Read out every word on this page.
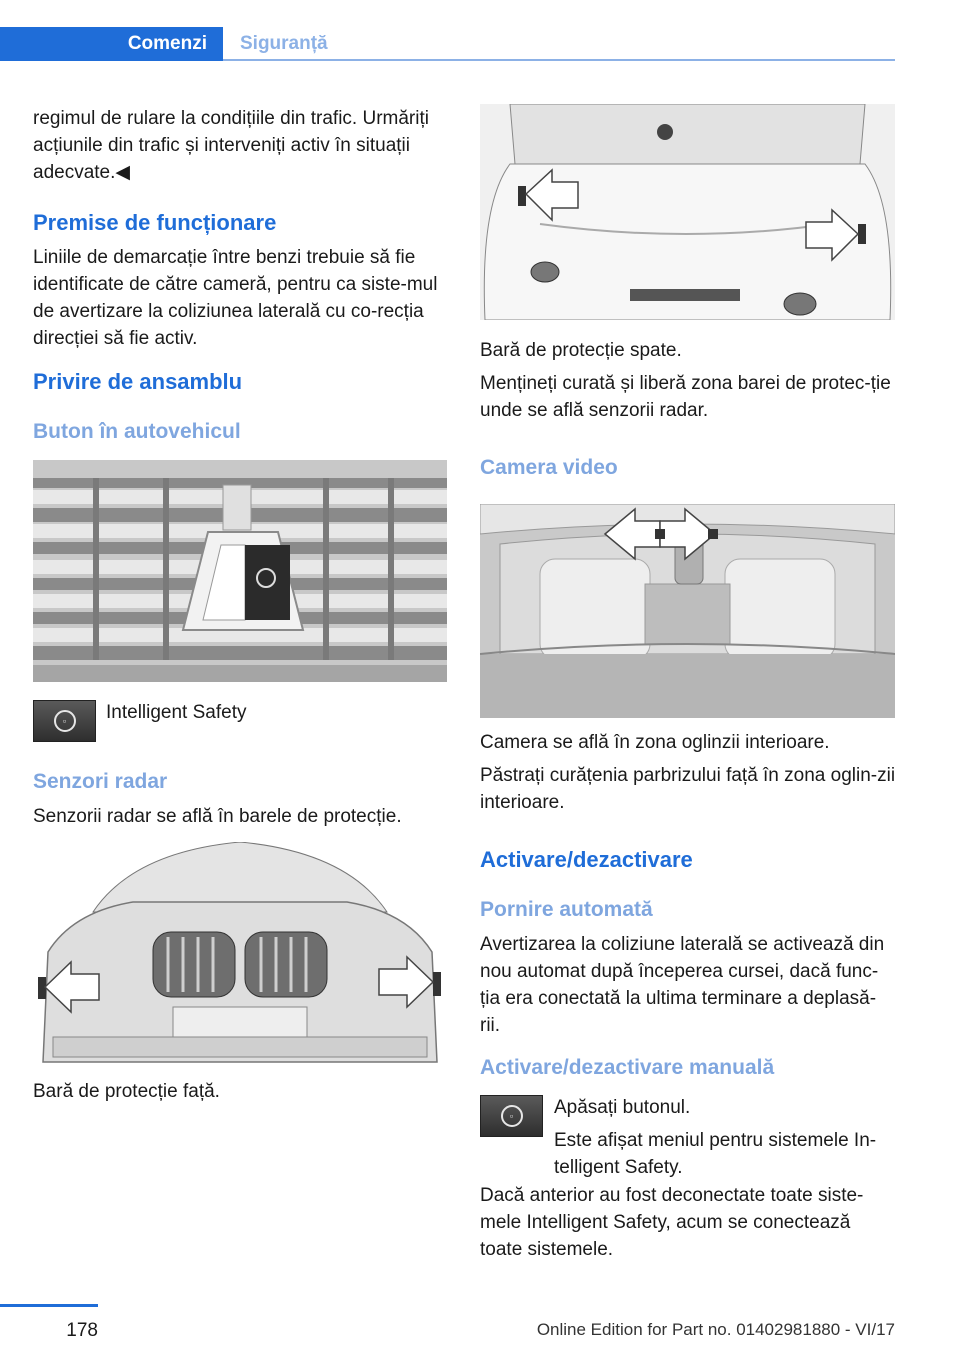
Comenzi	Siguranță

regimul de rulare la condițiile din trafic. Urmăriți acțiunile din trafic și interveniți activ în situații adecvate.◀

Premise de funcționare

Liniile de demarcație între benzi trebuie să fie identificate de către cameră, pentru ca siste-mul de avertizare la coliziunea laterală cu co-recția direcției să fie activ.

Privire de ansamblu
Buton în autovehicul
▫	Intelligent Safety

Senzori radar

Senzorii radar se află în barele de protecție.

Bară de protecție față.

Bară de protecție spate.

Mențineți curată și liberă zona barei de protec-ție unde se află senzorii radar.

Camera video

Camera se află în zona oglinzii interioare.

Păstrați curățenia parbrizului față în zona oglin-zii interioare.

Activare/dezactivare
Pornire automată

Avertizarea la coliziune laterală se activează din nou automat după începerea cursei, dacă func-ția era conectată la ultima terminare a deplasă-rii.

Activare/dezactivare manuală
▫	Apăsați butonul.

Este afișat meniul pentru sistemele In-telligent Safety.

Dacă anterior au fost deconectate toate siste-mele Intelligent Safety, acum se conectează toate sistemele.

178	Online Edition for Part no. 01402981880 - VI/17
